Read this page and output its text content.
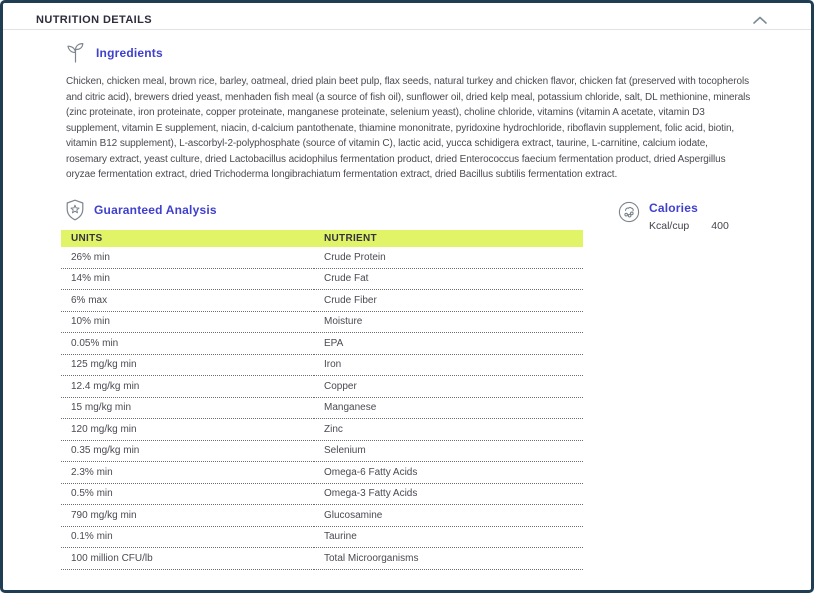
NUTRITION DETAILS
Ingredients

Chicken, chicken meal, brown rice, barley, oatmeal, dried plain beet pulp, flax seeds, natural turkey and chicken flavor, chicken fat (preserved with tocopherols and citric acid), brewers dried yeast, menhaden fish meal (a source of fish oil), sunflower oil, dried kelp meal, potassium chloride, salt, DL methionine, minerals (zinc proteinate, iron proteinate, copper proteinate, manganese proteinate, selenium yeast), choline chloride, vitamins (vitamin A acetate, vitamin D3 supplement, vitamin E supplement, niacin, d-calcium pantothenate, thiamine mononitrate, pyridoxine hydrochloride, riboflavin supplement, folic acid, biotin, vitamin B12 supplement), L-ascorbyl-2-polyphosphate (source of vitamin C), lactic acid, yucca schidigera extract, taurine, L-carnitine, calcium iodate, rosemary extract, yeast culture, dried Lactobacillus acidophilus fermentation product, dried Enterococcus faecium fermentation product, dried Aspergillus oryzae fermentation extract, dried Trichoderma longibrachiatum fermentation extract, dried Bacillus subtilis fermentation extract.

Guaranteed Analysis
UNITS	NUTRIENT
26% min	Crude Protein
14% min	Crude Fat
6% max	Crude Fiber
10% min	Moisture
0.05% min	EPA
125 mg/kg min	Iron
12.4 mg/kg min	Copper
15 mg/kg min	Manganese
120 mg/kg min	Zinc
0.35 mg/kg min	Selenium
2.3% min	Omega-6 Fatty Acids
0.5% min	Omega-3 Fatty Acids
790 mg/kg min	Glucosamine
0.1% min	Taurine
100 million CFU/lb	Total Microorganisms
Calories
Kcal/cup 400
